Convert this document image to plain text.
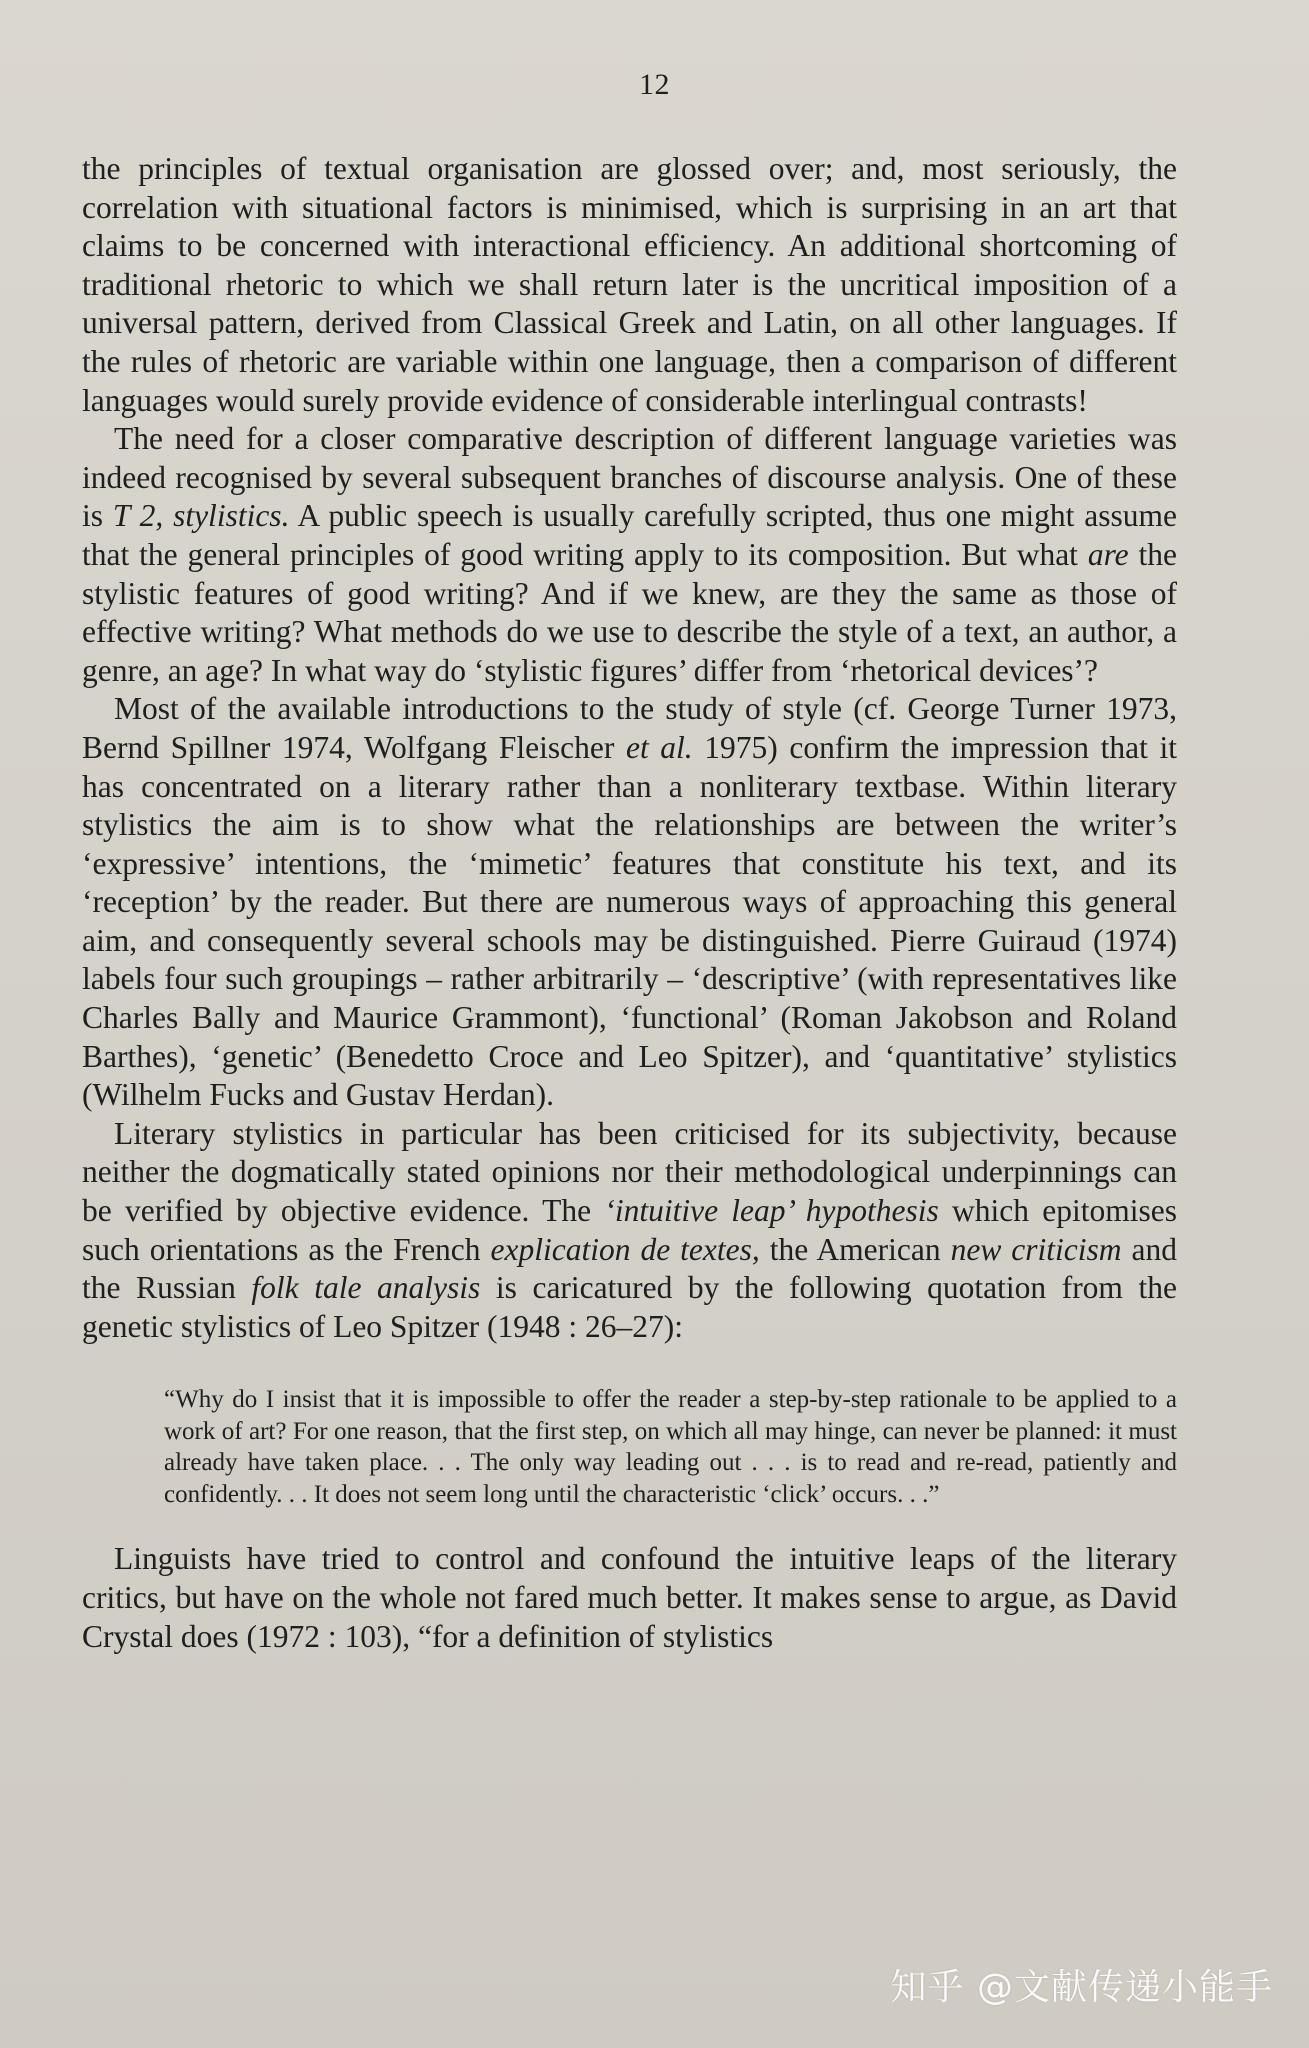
12

the principles of textual organisation are glossed over; and, most seriously, the correlation with situational factors is minimised, which is surprising in an art that claims to be concerned with interactional efficiency. An additional shortcoming of traditional rhetoric to which we shall return later is the uncritical imposition of a universal pattern, derived from Classical Greek and Latin, on all other languages. If the rules of rhetoric are variable within one language, then a comparison of different languages would surely provide evidence of considerable interlingual contrasts!

The need for a closer comparative description of different language varieties was indeed recognised by several subsequent branches of discourse analysis. One of these is T 2, stylistics. A public speech is usually carefully scripted, thus one might assume that the general principles of good writing apply to its composition. But what are the stylistic features of good writing? And if we knew, are they the same as those of effective writing? What methods do we use to describe the style of a text, an author, a genre, an age? In what way do ‘stylistic figures’ differ from ‘rhetorical devices’?

Most of the available introductions to the study of style (cf. George Turner 1973, Bernd Spillner 1974, Wolfgang Fleischer et al. 1975) confirm the impression that it has concentrated on a literary rather than a nonliterary textbase. Within literary stylistics the aim is to show what the relationships are between the writer’s ‘expressive’ intentions, the ‘mimetic’ features that constitute his text, and its ‘reception’ by the reader. But there are numerous ways of approaching this general aim, and consequently several schools may be distinguished. Pierre Guiraud (1974) labels four such groupings – rather arbitrarily – ‘descriptive’ (with representatives like Charles Bally and Maurice Grammont), ‘functional’ (Roman Jakobson and Roland Barthes), ‘genetic’ (Benedetto Croce and Leo Spitzer), and ‘quantitative’ stylistics (Wilhelm Fucks and Gustav Herdan).

Literary stylistics in particular has been criticised for its subjectivity, because neither the dogmatically stated opinions nor their methodological underpinnings can be verified by objective evidence. The ‘intuitive leap’ hypothesis which epitomises such orientations as the French explication de textes, the American new criticism and the Russian folk tale analysis is caricatured by the following quotation from the genetic stylistics of Leo Spitzer (1948 : 26–27):

“Why do I insist that it is impossible to offer the reader a step-by-step rationale to be applied to a work of art? For one reason, that the first step, on which all may hinge, can never be planned: it must already have taken place. . . The only way leading out . . . is to read and re-read, patiently and confidently. . . It does not seem long until the characteristic ‘click’ occurs. . .”

Linguists have tried to control and confound the intuitive leaps of the literary critics, but have on the whole not fared much better. It makes sense to argue, as David Crystal does (1972 : 103), “for a definition of stylistics

知乎 @文献传递小能手
